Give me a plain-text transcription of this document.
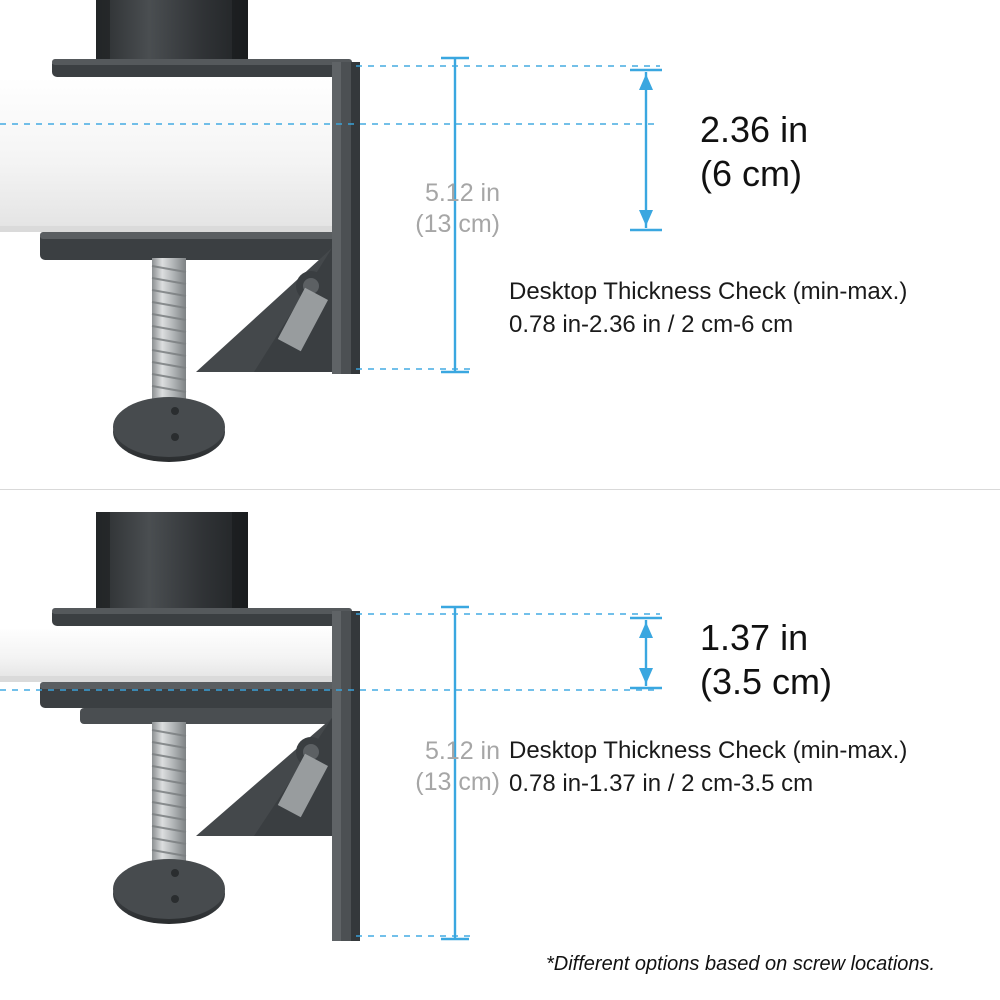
2.36 in
(6 cm)
5.12 in
(13 cm)
Desktop Thickness Check (min-max.)
0.78 in-2.36 in / 2 cm-6 cm
1.37 in
(3.5 cm)
5.12 in
(13 cm)
Desktop Thickness Check (min-max.)
0.78 in-1.37 in / 2 cm-3.5 cm
*Different options based on screw locations.
